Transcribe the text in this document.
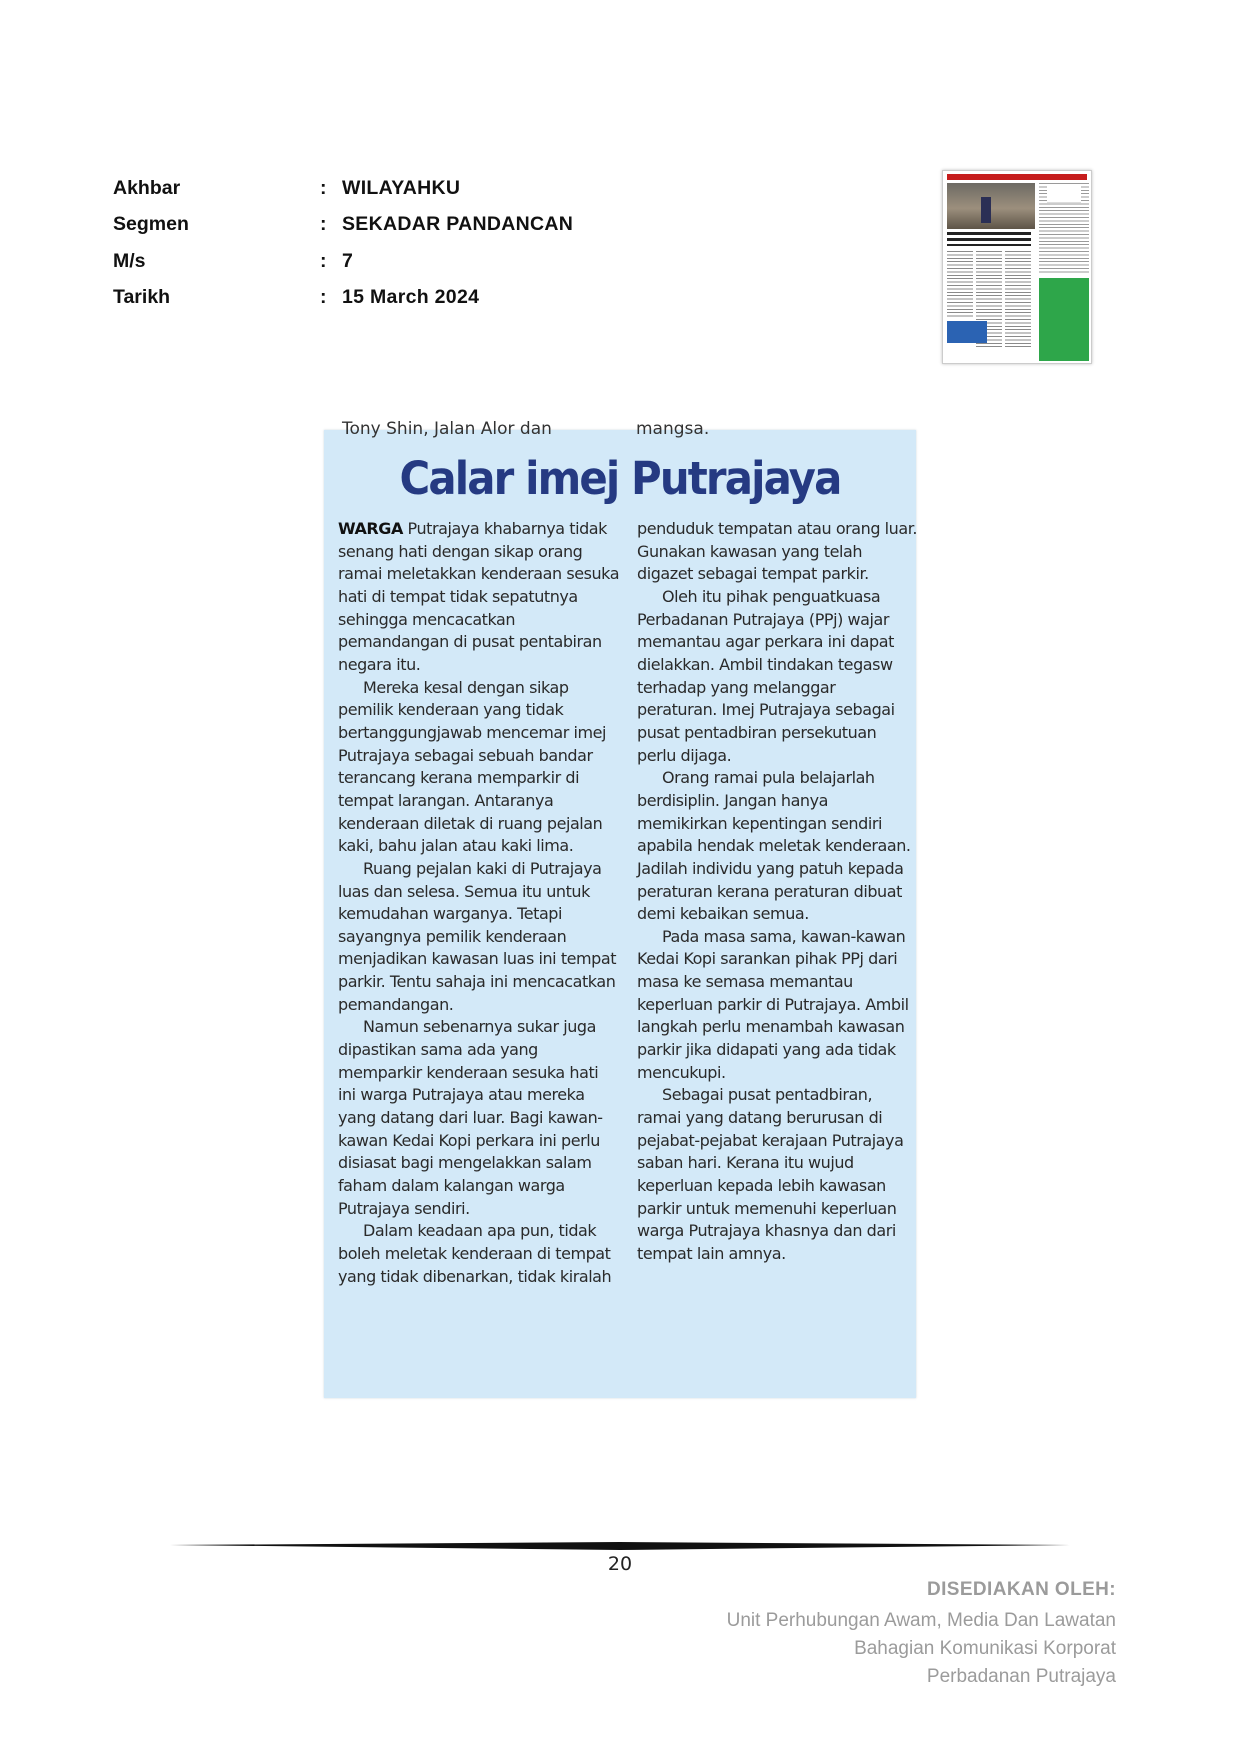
Akhbar	: WILAYAHKU
Segmen	: SEKADAR PANDANCAN
M/s	: 7
Tarikh	: 15 March 2024
Tony Shin, Jalan Alor dan	mangsa.
Calar imej Putrajaya

WARGA Putrajaya khabarnya tidak senang hati dengan sikap orang ramai meletakkan kenderaan sesuka hati di tempat tidak sepatutnya sehingga mencacatkan pemandangan di pusat pentabiran negara itu.

Mereka kesal dengan sikap pemilik kenderaan yang tidak bertanggungjawab mencemar imej Putrajaya sebagai sebuah bandar terancang kerana memparkir di tempat larangan. Antaranya kenderaan diletak di ruang pejalan kaki, bahu jalan atau kaki lima.

Ruang pejalan kaki di Putrajaya luas dan selesa. Semua itu untuk kemudahan warganya. Tetapi sayangnya pemilik kenderaan menjadikan kawasan luas ini tempat parkir. Tentu sahaja ini mencacatkan pemandangan.

Namun sebenarnya sukar juga dipastikan sama ada yang memparkir kenderaan sesuka hati ini warga Putrajaya atau mereka yang datang dari luar. Bagi kawan-kawan Kedai Kopi perkara ini perlu disiasat bagi mengelakkan salam faham dalam kalangan warga Putrajaya sendiri.

Dalam keadaan apa pun, tidak boleh meletak kenderaan di tempat yang tidak dibenarkan, tidak kiralah

penduduk tempatan atau orang luar. Gunakan kawasan yang telah digazet sebagai tempat parkir.

Oleh itu pihak penguatkuasa Perbadanan Putrajaya (PPj) wajar memantau agar perkara ini dapat dielakkan. Ambil tindakan tegasw terhadap yang melanggar peraturan. Imej Putrajaya sebagai pusat pentadbiran persekutuan perlu dijaga.

Orang ramai pula belajarlah berdisiplin. Jangan hanya memikirkan kepentingan sendiri apabila hendak meletak kenderaan. Jadilah individu yang patuh kepada peraturan kerana peraturan dibuat demi kebaikan semua.

Pada masa sama, kawan-kawan Kedai Kopi sarankan pihak PPj dari masa ke semasa memantau keperluan parkir di Putrajaya. Ambil langkah perlu menambah kawasan parkir jika didapati yang ada tidak mencukupi.

Sebagai pusat pentadbiran, ramai yang datang berurusan di pejabat-pejabat kerajaan Putrajaya saban hari. Kerana itu wujud keperluan kepada lebih kawasan parkir untuk memenuhi keperluan warga Putrajaya khasnya dan dari tempat lain amnya.

20
DISEDIAKAN OLEH:
Unit Perhubungan Awam, Media Dan Lawatan
Bahagian Komunikasi Korporat
Perbadanan Putrajaya
